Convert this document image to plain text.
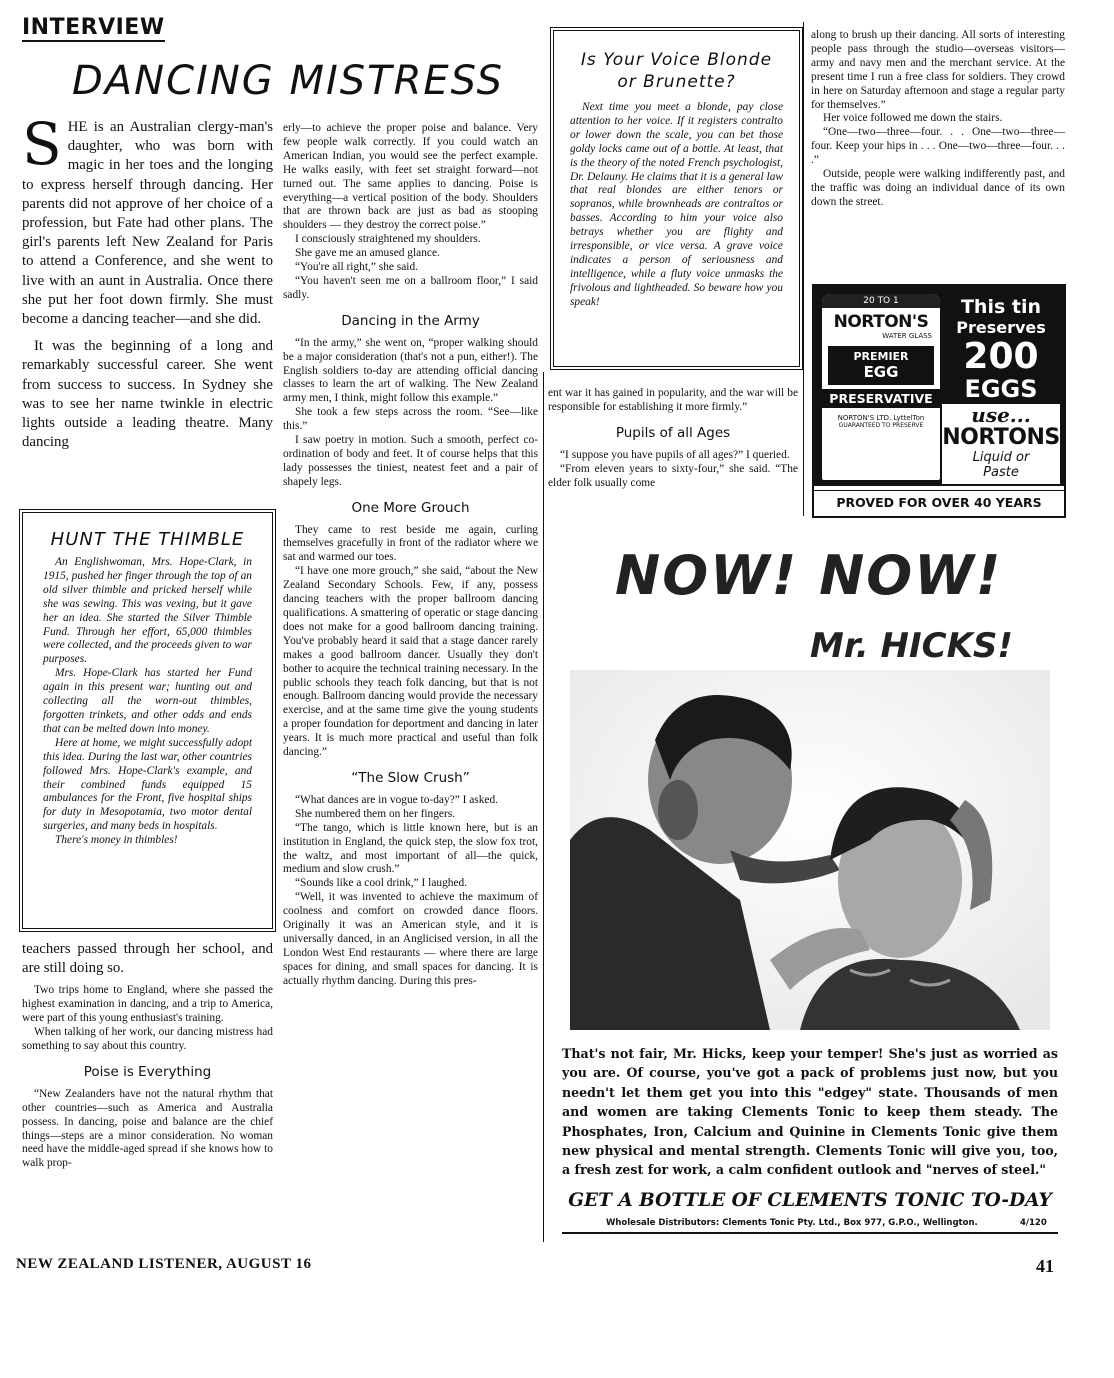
INTERVIEW
DANCING MISTRESS

SHE is an Australian clergy-man's daughter, who was born with magic in her toes and the longing to express herself through dancing. Her parents did not approve of her choice of a profession, but Fate had other plans. The girl's parents left New Zealand for Paris to attend a Conference, and she went to live with an aunt in Australia. Once there she put her foot down firmly. She must become a dancing teacher—and she did.

It was the beginning of a long and remarkably successful career. She went from success to success. In Sydney she was to see her name twinkle in electric lights outside a leading theatre. Many dancing

HUNT THE THIMBLE

An Englishwoman, Mrs. Hope-Clark, in 1915, pushed her finger through the top of an old silver thimble and pricked herself while she was sewing. This was vexing, but it gave her an idea. She started the Silver Thimble Fund. Through her effort, 65,000 thimbles were collected, and the proceeds given to war purposes.

Mrs. Hope-Clark has started her Fund again in this present war; hunting out and collecting all the worn-out thimbles, forgotten trinkets, and other odds and ends that can be melted down into money.

Here at home, we might successfully adopt this idea. During the last war, other countries followed Mrs. Hope-Clark's example, and their combined funds equipped 15 ambulances for the Front, five hospital ships for duty in Mesopotamia, two motor dental surgeries, and many beds in hospitals.

There's money in thimbles!

teachers passed through her school, and are still doing so.

Two trips home to England, where she passed the highest examination in dancing, and a trip to America, were part of this young enthusiast's training.

When talking of her work, our dancing mistress had something to say about this country.

Poise is Everything

“New Zealanders have not the natural rhythm that other countries—such as America and Australia possess. In dancing, poise and balance are the chief things—steps are a minor consideration. No woman need have the middle-aged spread if she knows how to walk prop-

erly—to achieve the proper poise and balance. Very few people walk correctly. If you could watch an American Indian, you would see the perfect example. He walks easily, with feet set straight forward—not turned out. The same applies to dancing. Poise is everything—a vertical position of the body. Shoulders that are thrown back are just as bad as stooping shoulders — they destroy the correct poise.”

I consciously straightened my shoulders.

She gave me an amused glance.

“You're all right,” she said.

“You haven't seen me on a ballroom floor,” I said sadly.

Dancing in the Army

“In the army,” she went on, “proper walking should be a major consideration (that's not a pun, either!). The English soldiers to-day are attending official dancing classes to learn the art of walking. The New Zealand army men, I think, might follow this example.”

She took a few steps across the room. “See—like this.”

I saw poetry in motion. Such a smooth, perfect co-ordination of body and feet. It of course helps that this lady possesses the tiniest, neatest feet and a pair of shapely legs.

One More Grouch

They came to rest beside me again, curling themselves gracefully in front of the radiator where we sat and warmed our toes.

“I have one more grouch,” she said, “about the New Zealand Secondary Schools. Few, if any, possess dancing teachers with the proper ballroom dancing qualifications. A smattering of operatic or stage dancing does not make for a good ballroom dancing training. You've probably heard it said that a stage dancer rarely makes a good ballroom dancer. Usually they don't bother to acquire the technical training necessary. In the public schools they teach folk dancing, but that is not enough. Ballroom dancing would provide the necessary exercise, and at the same time give the young students a proper foundation for deportment and dancing in later years. It is much more practical and useful than folk dancing.”

“The Slow Crush”

“What dances are in vogue to-day?” I asked.

She numbered them on her fingers.

“The tango, which is little known here, but is an institution in England, the quick step, the slow fox trot, the waltz, and most important of all—the quick, medium and slow crush.”

“Sounds like a cool drink,” I laughed.

“Well, it was invented to achieve the maximum of coolness and comfort on crowded dance floors. Originally it was an American style, and it is universally danced, in an Anglicised version, in all the London West End restaurants — where there are large spaces for dining, and small spaces for dancing. It is actually rhythm dancing. During this pres-

Is Your Voice Blonde
or Brunette?

Next time you meet a blonde, pay close attention to her voice. If it registers contralto or lower down the scale, you can bet those goldy locks came out of a bottle. At least, that is the theory of the noted French psychologist, Dr. Delauny. He claims that it is a general law that real blondes are either tenors or sopranos, while brownheads are contraltos or basses. According to him your voice also betrays whether you are flighty and irresponsible, or vice versa. A grave voice indicates a person of seriousness and intelligence, while a fluty voice unmasks the frivolous and lightheaded. So beware how you speak!

ent war it has gained in popularity, and the war will be responsible for establishing it more firmly.”

Pupils of all Ages

“I suppose you have pupils of all ages?” I queried.

“From eleven years to sixty-four,” she said. “The elder folk usually come

along to brush up their dancing. All sorts of interesting people pass through the studio—overseas visitors—army and navy men and the merchant service. At the present time I run a free class for soldiers. They crowd in here on Saturday afternoon and stage a regular party for themselves.”

Her voice followed me down the stairs.

“One—two—three—four. . . One—two—three—four. Keep your hips in . . . One—two—three—four. . . .”

Outside, people were walking indifferently past, and the traffic was doing an individual dance of its own down the street.

20 TO 1
NORTON'S
WATER GLASS
PREMIER
EGG
PRESERVATIVE
NORTON'S LTD. LyttelTon
GUARANTEED TO PRESERVE
This tin
Preserves
200
EGGS
use...
NORTONS
Liquid or
Paste
PROVED FOR OVER 40 YEARS
NOW! NOW!
Mr. HICKS!
That's not fair, Mr. Hicks, keep your temper! She's just as worried as you are. Of course, you've got a pack of problems just now, but you needn't let them get you into this "edgey" state. Thousands of men and women are taking Clements Tonic to keep them steady. The Phosphates, Iron, Calcium and Quinine in Clements Tonic give them new physical and mental strength. Clements Tonic will give you, too, a fresh zest for work, a calm confident outlook and "nerves of steel."
GET A BOTTLE OF CLEMENTS TONIC TO-DAY
Wholesale Distributors: Clements Tonic Pty. Ltd., Box 977, G.P.O., Wellington.	4/120
NEW ZEALAND LISTENER, AUGUST 16	41
